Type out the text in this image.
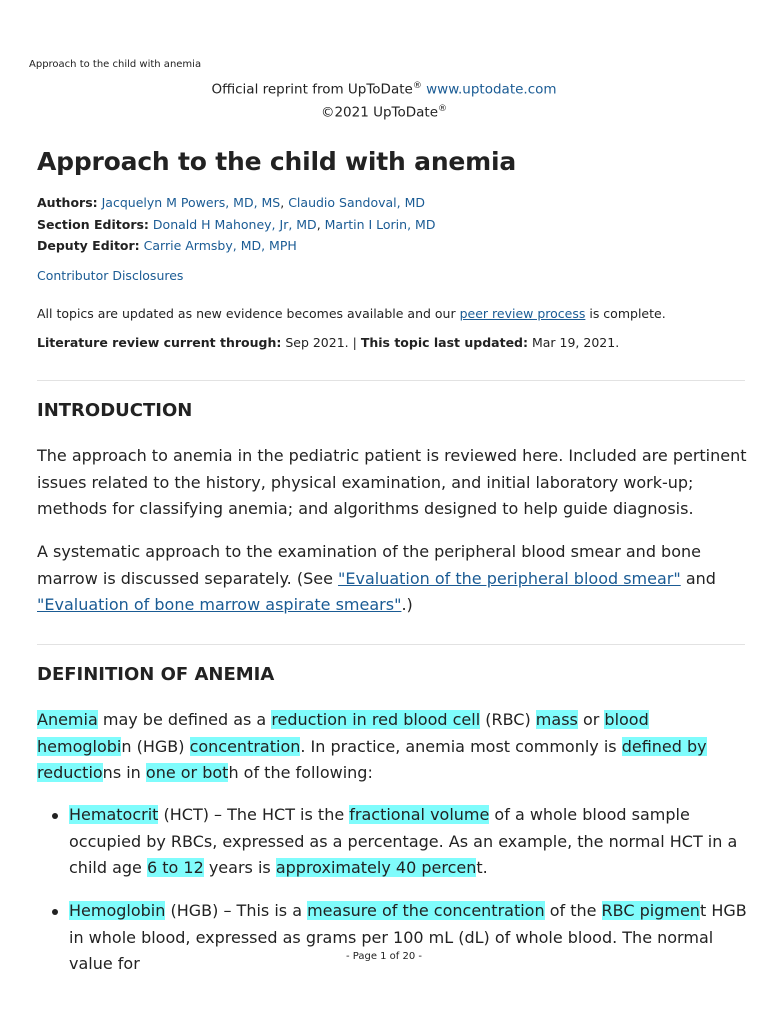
Approach to the child with anemia
Official reprint from UpToDate® www.uptodate.com
©2021 UpToDate®
Approach to the child with anemia
Authors: Jacquelyn M Powers, MD, MS, Claudio Sandoval, MD
Section Editors: Donald H Mahoney, Jr, MD, Martin I Lorin, MD
Deputy Editor: Carrie Armsby, MD, MPH
Contributor Disclosures
All topics are updated as new evidence becomes available and our peer review process is complete.
Literature review current through: Sep 2021. | This topic last updated: Mar 19, 2021.
INTRODUCTION

The approach to anemia in the pediatric patient is reviewed here. Included are pertinent issues related to the history, physical examination, and initial laboratory work-up; methods for classifying anemia; and algorithms designed to help guide diagnosis.

A systematic approach to the examination of the peripheral blood smear and bone marrow is discussed separately. (See "Evaluation of the peripheral blood smear" and "Evaluation of bone marrow aspirate smears".)

DEFINITION OF ANEMIA

Anemia may be defined as a reduction in red blood cell (RBC) mass or blood hemoglobin (HGB) concentration. In practice, anemia most commonly is defined by reductions in one or both of the following:

Hematocrit (HCT) – The HCT is the fractional volume of a whole blood sample occupied by RBCs, expressed as a percentage. As an example, the normal HCT in a child age 6 to 12 years is approximately 40 percent.

Hemoglobin (HGB) – This is a measure of the concentration of the RBC pigment HGB in whole blood, expressed as grams per 100 mL (dL) of whole blood. The normal value for	- Page 1 of 20 -
